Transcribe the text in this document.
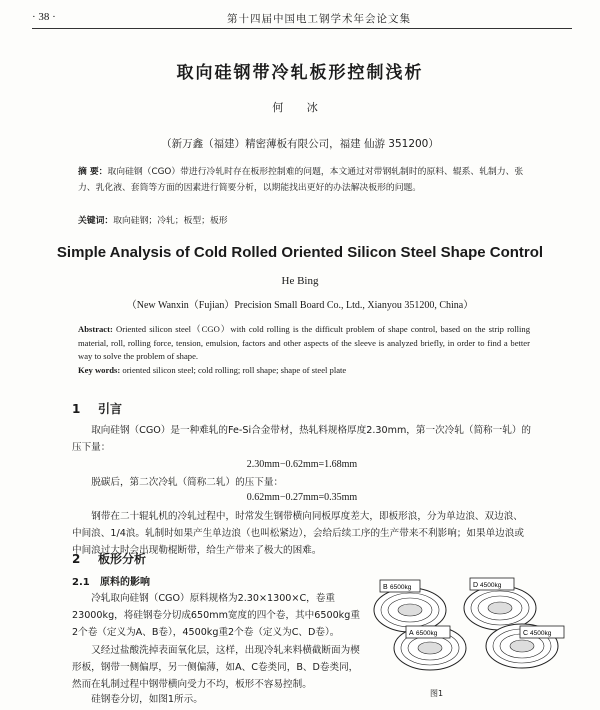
· 38 ·	第十四届中国电工钢学术年会论文集
取向硅钢带冷轧板形控制浅析
何 冰
（新万鑫（福建）精密薄板有限公司，福建 仙游 351200）
摘 要：取向硅钢（CGO）带进行冷轧时存在板形控制难的问题，本文通过对带钢轧制时的原料、辊系、轧制力、张力、乳化液、套筒等方面的因素进行简要分析，以期能找出更好的办法解决板形的问题。
关键词：取向硅钢；冷轧；板型；板形
Simple Analysis of Cold Rolled Oriented Silicon Steel Shape Control
He Bing
（New Wanxin（Fujian）Precision Small Board Co., Ltd., Xianyou 351200, China）
Abstract: Oriented silicon steel（CGO）with cold rolling is the difficult problem of shape control, based on the strip rolling material, roll, rolling force, tension, emulsion, factors and other aspects of the sleeve is analyzed briefly, in order to find a better way to solve the problem of shape.
Key words: oriented silicon steel; cold rolling; roll shape; shape of steel plate
1 引言
取向硅钢（CGO）是一种难轧的Fe-Si合金带材，热轧料规格厚度2.30mm，第一次冷轧（简称一轧）的压下量：
2.30mm−0.62mm=1.68mm
脱碳后，第二次冷轧（简称二轧）的压下量：
0.62mm−0.27mm=0.35mm
钢带在二十辊轧机的冷轧过程中，时常发生钢带横向同板厚度差大，即板形浪，分为单边浪、双边浪、中间浪、1/4浪。轧制时如果产生单边浪（也叫松紧边），会给后续工序的生产带来不利影响；如果单边浪或中间浪过大时会出现勒棍断带，给生产带来了极大的困难。
2 板形分析
2.1 原料的影响
冷轧取向硅钢（CGO）原料规格为2.30×1300×C，卷重23000kg，将硅钢卷分切成650mm宽度的四个卷，其中6500kg重2个卷（定义为A、B卷），4500kg重2个卷（定义为C、D卷）。
又经过盐酸洗掉表面氧化层，这样，出现冷轧来料横截断面为楔形板，钢带一侧偏厚，另一侧偏薄，如A、C卷类同，B、D卷类同，然而在轧制过程中钢带横向受力不均，板形不容易控制。
B 6500kg	D 4500kg
A 6500kg	C 4500kg
图1
硅钢卷分切，如图1所示。
